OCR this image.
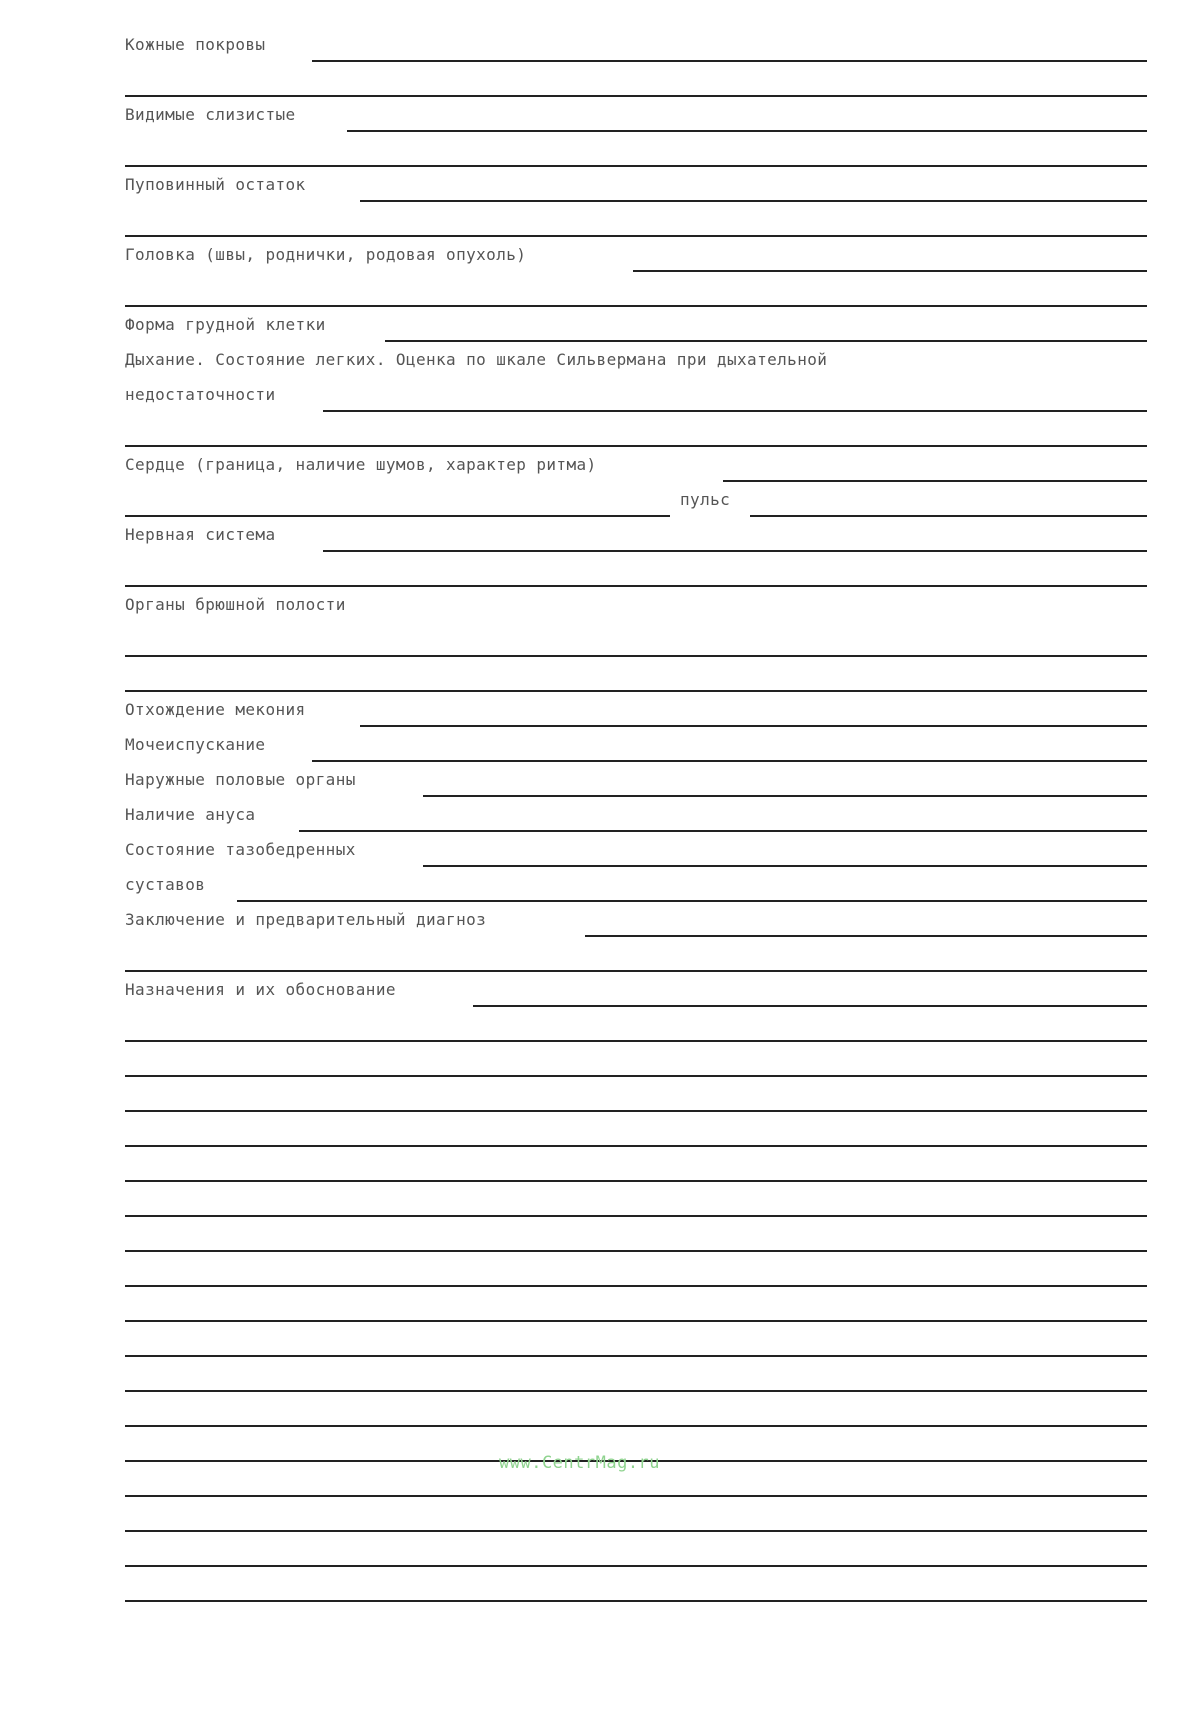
Кожные покровы
Видимые слизистые
Пуповинный остаток
Головка (швы, роднички, родовая опухоль)
Форма грудной клетки
Дыхание. Состояние легких. Оценка по шкале Сильвермана при дыхательной
недостаточности
Сердце (граница, наличие шумов, характер ритма)
пульс
Нервная система
Органы брюшной полости
Отхождение мекония
Мочеиспускание
Наружные половые органы
Наличие ануса
Состояние тазобедренных
суставов
Заключение и предварительный диагноз
Назначения и их обоснование
www.CentrMag.ru
